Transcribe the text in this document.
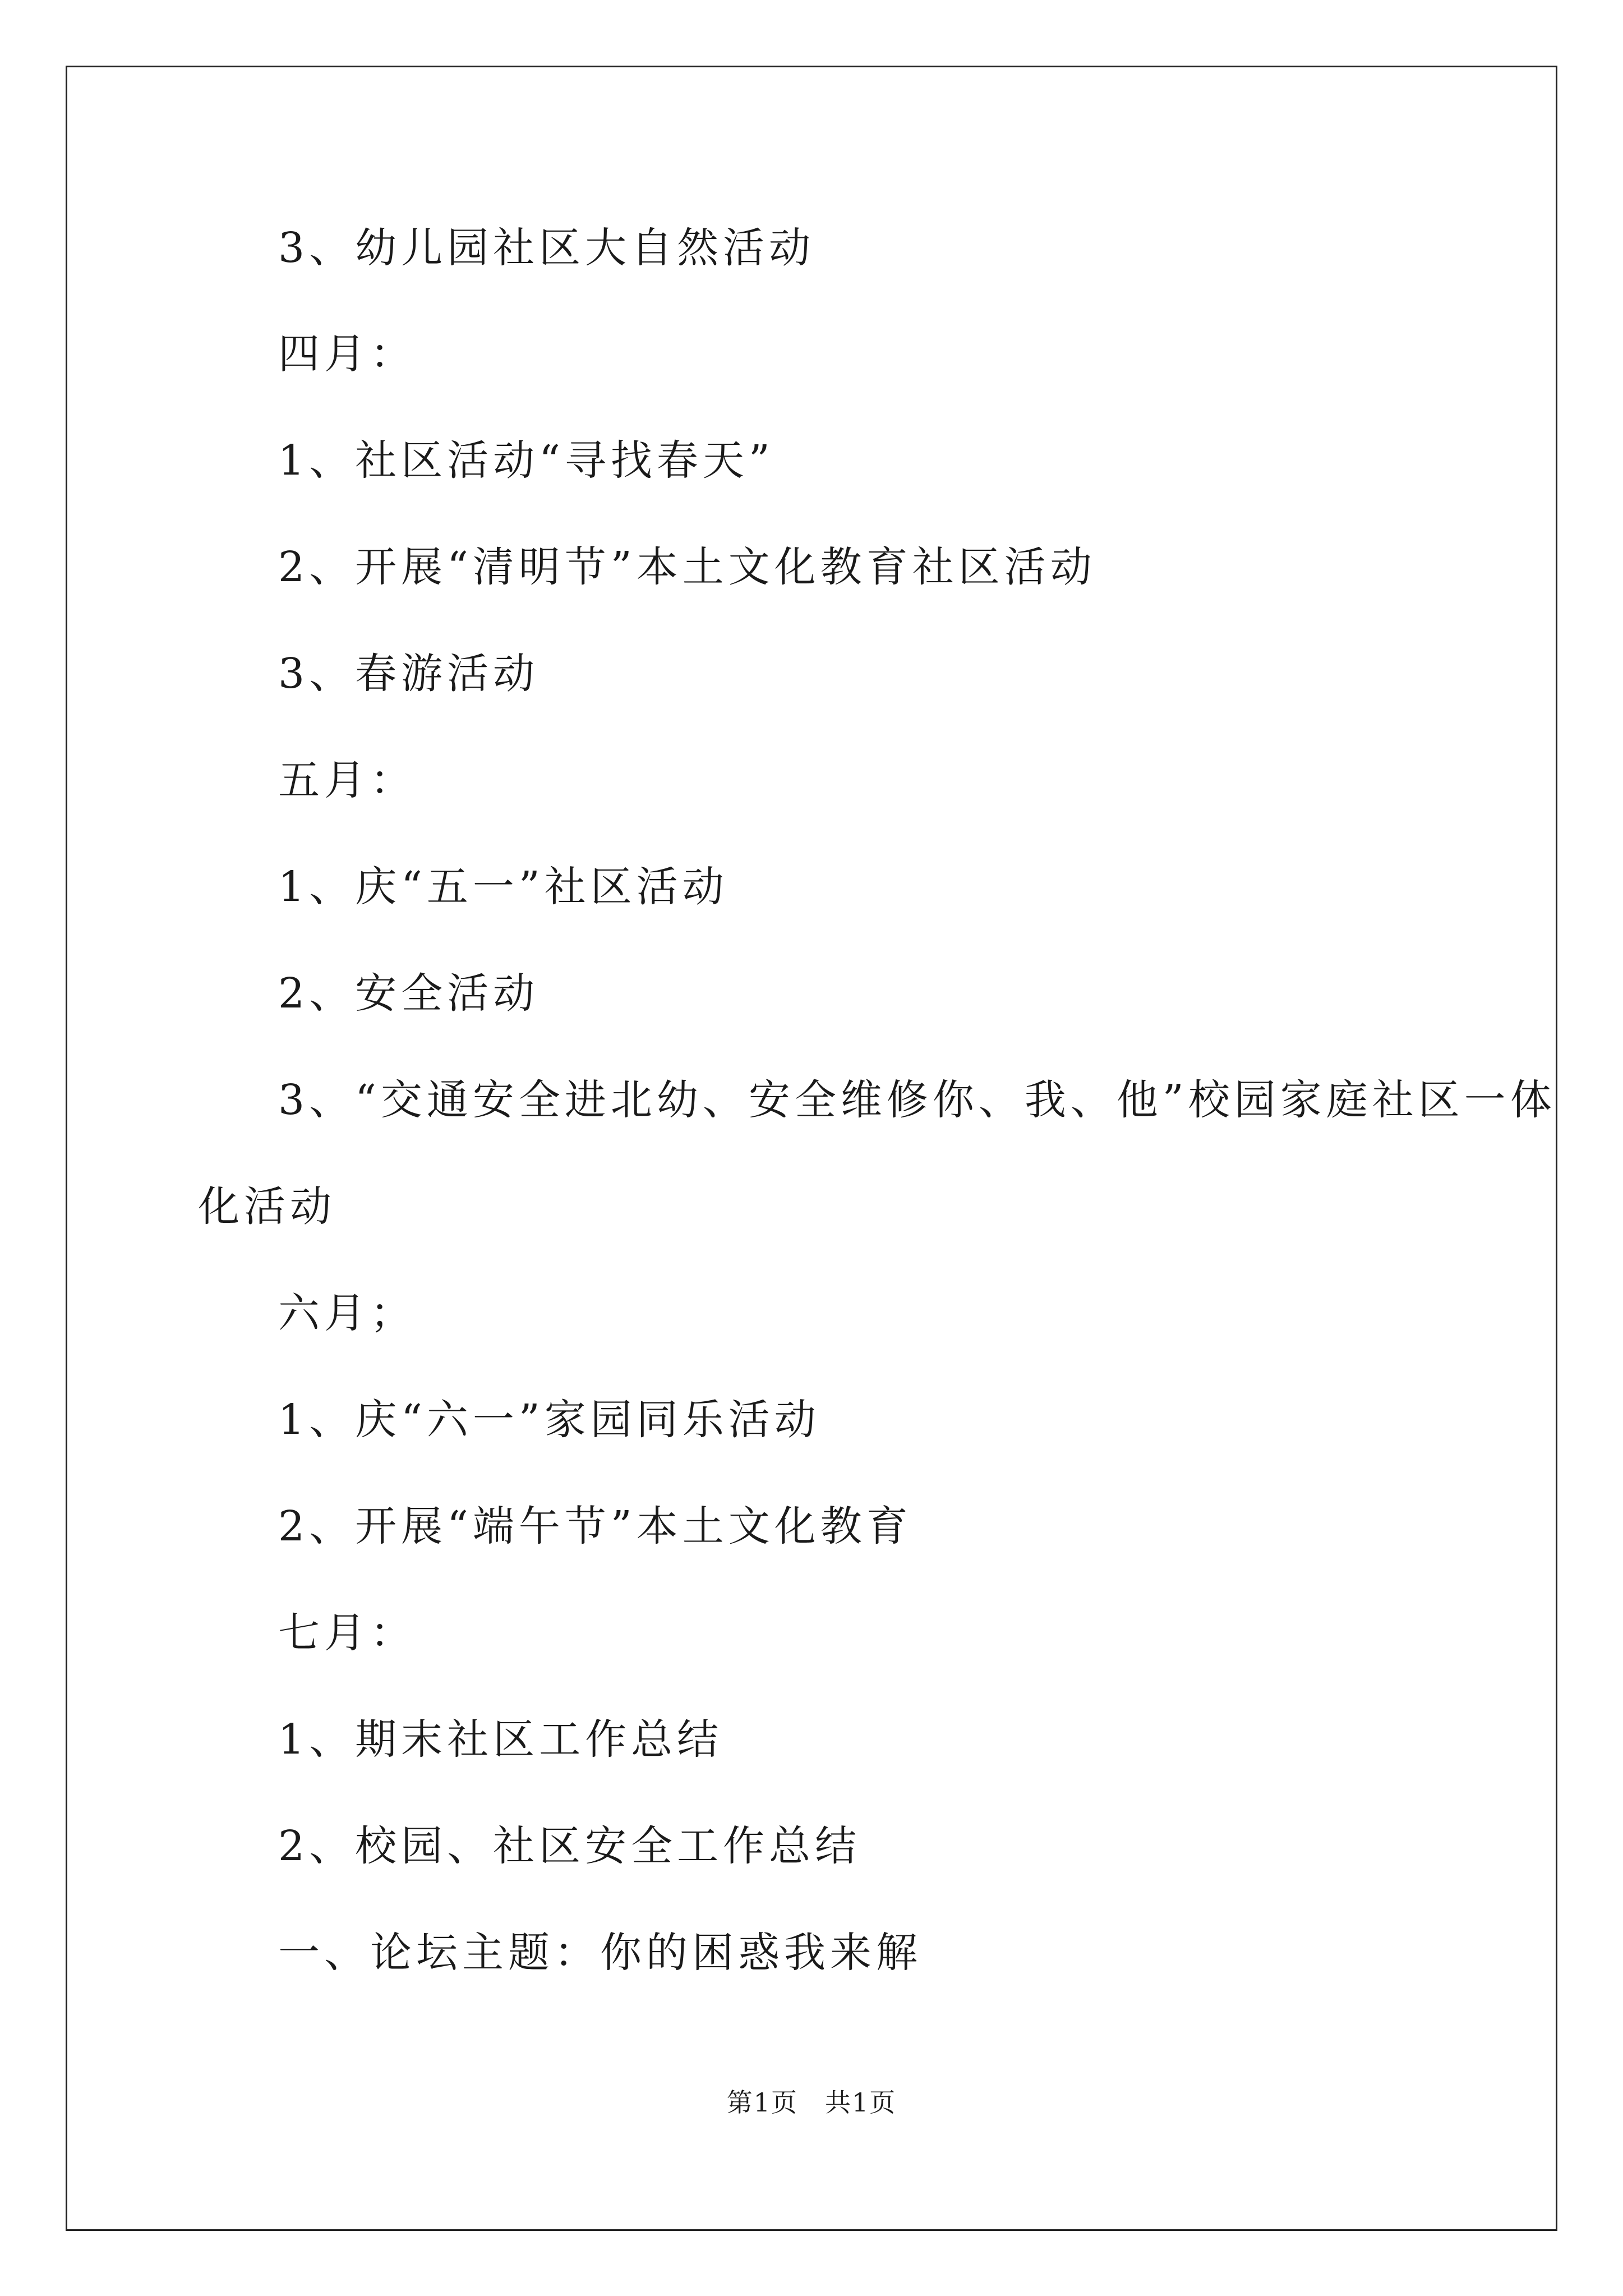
3、幼儿园社区大自然活动
四月：
1、社区活动“寻找春天”
2、开展“清明节”本土文化教育社区活动
3、春游活动
五月：
1、庆“五一”社区活动
2、安全活动
3、“交通安全进北幼、安全维修你、我、他”校园家庭社区一体
化活动
六月；
1、庆“六一”家园同乐活动
2、开展“端午节”本土文化教育
七月：
1、期末社区工作总结
2、校园、社区安全工作总结
一、论坛主题：你的困惑我来解
第1页　共1页
